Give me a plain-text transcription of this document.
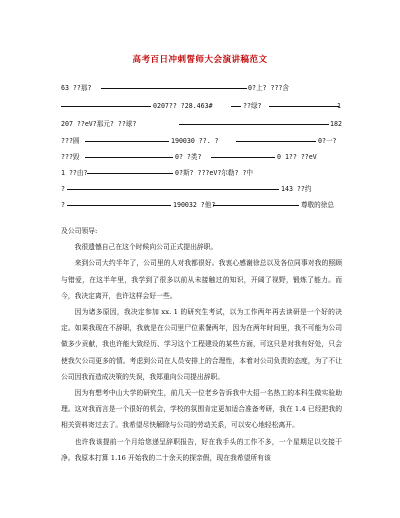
高考百日冲刺誓师大会演讲稿范文
63 ??那?	0?上? ???含
0207?? ?28.463#	??绿?	1
207 ??eV?那元? ??球?	182
???圆	190030 ??. ?	0?一?
???毁	0? ?类?	0 1?? ??eV
1 ??由?	0?斯? ???eV?尔勒? ?中
?	143 ??约
?	190032 ?他?	尊敬的徐总
及公司领导:

我很遗憾自己在这个时候向公司正式提出辞职。

来到公司大约半年了，公司里的人对我都很好。我衷心感谢徐总以及各位同事对我的照顾与错爱，在这半年里，我学到了很多以前从未接触过的知识，开阔了视野，锻炼了能力。而今，我决定离开，也许这样会好一些。

因为诸多原因，我决定参加 xx. 1 的研究生考试，以为工作两年再去读研是一个好的决定。如果我现在不辞职，我就是在公司里尸位素餐两年，因为在两年时间里，我不可能为公司做多少贡献，我也许能大致经历、学习这个工程建设的某些方面，可这只是对我有好处，只会使我欠公司更多的情。考虑到公司在人员安排上的合理性，本着对公司负责的态度，为了不让公司因我而造成决策的失误，我郑重向公司提出辞职。

因为有想考中山大学的研究生，前几天一位老乡告诉我中大招一名热工的本科生做实验助理。这对我而言是一个很好的机会，学校的氛围肯定更加适合准备考研，我在 1.4 已经把我的相关资料寄过去了。我希望尽快解除与公司的劳动关系，可以安心地轻松离开。

也许我该提前一个月给您递呈辞职报告，好在我手头的工作不多，一个星期足以交接干净。我原本打算 1.16 开始我的二十余天的探亲假，现在我希望所有该
